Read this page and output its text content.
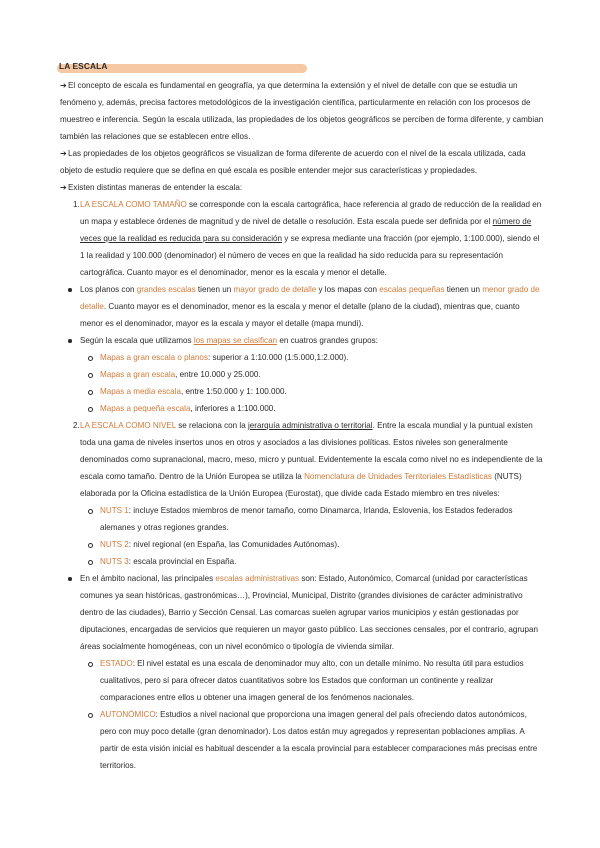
LA ESCALA

➔El concepto de escala es fundamental en geografía, ya que determina la extensión y el nivel de detalle con que se estudia un fenómeno y, además, precisa factores metodológicos de la investigación científica, particularmente en relación con los procesos de muestreo e inferencia. Según la escala utilizada, las propiedades de los objetos geográficos se perciben de forma diferente, y cambian también las relaciones que se establecen entre ellos.

➔Las propiedades de los objetos geográficos se visualizan de forma diferente de acuerdo con el nivel de la escala utilizada, cada objeto de estudio requiere que se defina en qué escala es posible entender mejor sus características y propiedades.

➔Existen distintas maneras de entender la escala:

1. LA ESCALA COMO TAMAÑO se corresponde con la escala cartográfica, hace referencia al grado de reducción de la realidad en un mapa y establece órdenes de magnitud y de nivel de detalle o resolución. Esta escala puede ser definida por el número de veces que la realidad es reducida para su consideración y se expresa mediante una fracción (por ejemplo, 1:100.000), siendo el 1 la realidad y 100.000 (denominador) el número de veces en que la realidad ha sido reducida para su representación cartográfica. Cuanto mayor es el denominador, menor es la escala y menor el detalle.
Los planos con grandes escalas tienen un mayor grado de detalle y los mapas con escalas pequeñas tienen un menor grado de detalle. Cuanto mayor es el denominador, menor es la escala y menor el detalle (plano de la ciudad), mientras que, cuanto menor es el denominador, mayor es la escala y mayor el detalle (mapa mundi).
Según la escala que utilizamos los mapas se clasifican en cuatros grandes grupos:
Mapas a gran escala o planos: superior a 1:10.000 (1:5.000,1:2.000).
Mapas a gran escala, entre 10.000 y 25.000.
Mapas a media escala, entre 1:50.000 y 1: 100.000.
Mapas a pequeña escala, inferiores a 1:100.000.
2. LA ESCALA COMO NIVEL se relaciona con la jerarquía administrativa o territorial. Entre la escala mundial y la puntual existen toda una gama de niveles insertos unos en otros y asociados a las divisiones políticas. Estos niveles son generalmente denominados como supranacional, macro, meso, micro y puntual. Evidentemente la escala como nivel no es independiente de la escala como tamaño. Dentro de la Unión Europea se utiliza la Nomenclatura de Unidades Territoriales Estadísticas (NUTS) elaborada por la Oficina estadística de la Unión Europea (Eurostat), que divide cada Estado miembro en tres niveles:
NUTS 1: incluye Estados miembros de menor tamaño, como Dinamarca, Irlanda, Eslovenia, los Estados federados alemanes y otras regiones grandes.
NUTS 2: nivel regional (en España, las Comunidades Autónomas).
NUTS 3: escala provincial en España.
En el ámbito nacional, las principales escalas administrativas son: Estado, Autonómico, Comarcal (unidad por características comunes ya sean históricas, gastronómicas…), Provincial, Municipal, Distrito (grandes divisiones de carácter administrativo dentro de las ciudades), Barrio y Sección Censal. Las comarcas suelen agrupar varios municipios y están gestionadas por diputaciones, encargadas de servicios que requieren un mayor gasto público. Las secciones censales, por el contrario, agrupan áreas socialmente homogéneas, con un nivel económico o tipología de vivienda similar.
ESTADO: El nivel estatal es una escala de denominador muy alto, con un detalle mínimo. No resulta útil para estudios cualitativos, pero sí para ofrecer datos cuantitativos sobre los Estados que conforman un continente y realizar comparaciones entre ellos u obtener una imagen general de los fenómenos nacionales.
AUTONÓMICO: Estudios a nivel nacional que proporciona una imagen general del país ofreciendo datos autonómicos, pero con muy poco detalle (gran denominador). Los datos están muy agregados y representan poblaciones amplias. A partir de esta visión inicial es habitual descender a la escala provincial para establecer comparaciones más precisas entre territorios.
